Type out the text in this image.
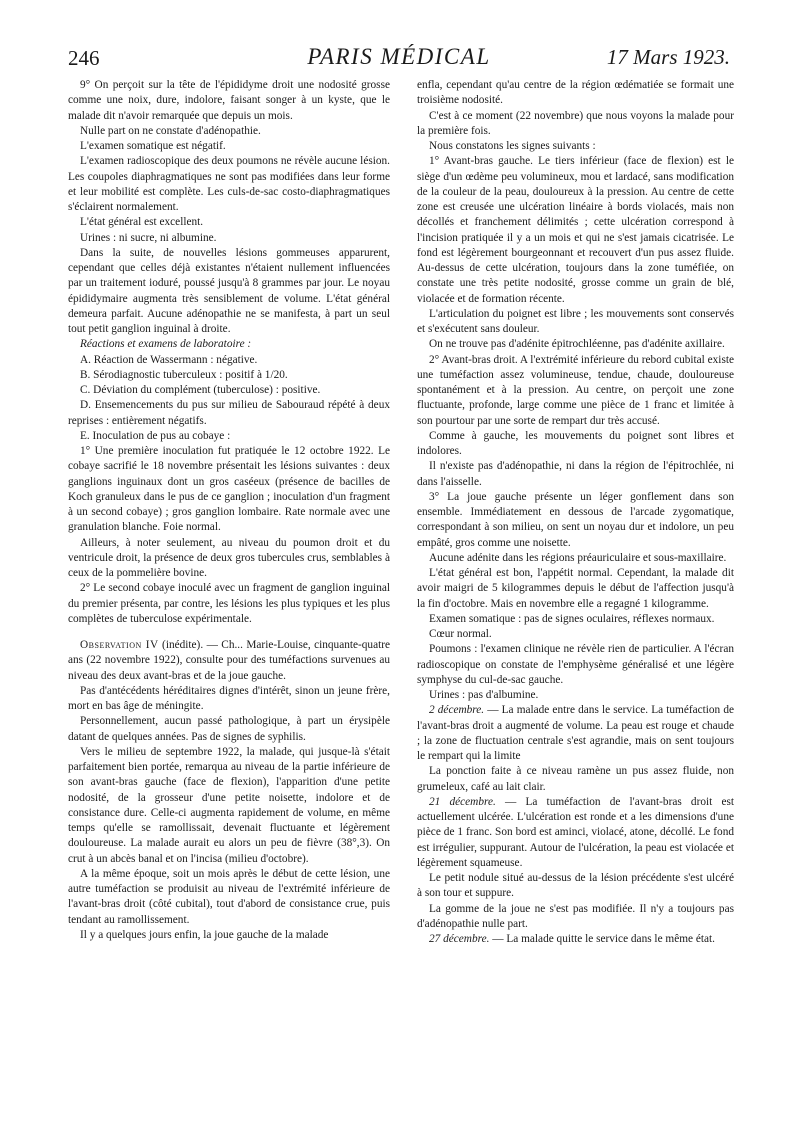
246	PARIS MÉDICAL	17 Mars 1923.

9° On perçoit sur la tête de l'épididyme droit une nodosité grosse comme une noix, dure, indolore, faisant songer à un kyste, que le malade dit n'avoir remarquée que depuis un mois.

Nulle part on ne constate d'adénopathie.

L'examen somatique est négatif.

L'examen radioscopique des deux poumons ne révèle aucune lésion. Les coupoles diaphragmatiques ne sont pas modifiées dans leur forme et leur mobilité est complète. Les culs-de-sac costo-diaphragmatiques s'éclairent normalement.

L'état général est excellent.

Urines : ni sucre, ni albumine.

Dans la suite, de nouvelles lésions gommeuses apparurent, cependant que celles déjà existantes n'étaient nullement influencées par un traitement ioduré, poussé jusqu'à 8 grammes par jour. Le noyau épididymaire augmenta très sensiblement de volume. L'état général demeura parfait. Aucune adénopathie ne se manifesta, à part un seul tout petit ganglion inguinal à droite.

Réactions et examens de laboratoire :

A. Réaction de Wassermann : négative.

B. Sérodiagnostic tuberculeux : positif à 1/20.

C. Déviation du complément (tuberculose) : positive.

D. Ensemencements du pus sur milieu de Sabouraud répété à deux reprises : entièrement négatifs.

E. Inoculation de pus au cobaye :

1° Une première inoculation fut pratiquée le 12 octobre 1922. Le cobaye sacrifié le 18 novembre présentait les lésions suivantes : deux ganglions inguinaux dont un gros caséeux (présence de bacilles de Koch granuleux dans le pus de ce ganglion ; inoculation d'un fragment à un second cobaye) ; gros ganglion lombaire. Rate normale avec une granulation blanche. Foie normal.

Ailleurs, à noter seulement, au niveau du poumon droit et du ventricule droit, la présence de deux gros tubercules crus, semblables à ceux de la pommelière bovine.

2° Le second cobaye inoculé avec un fragment de ganglion inguinal du premier présenta, par contre, les lésions les plus typiques et les plus complètes de tuberculose expérimentale.

Observation IV (inédite). — Ch... Marie-Louise, cinquante-quatre ans (22 novembre 1922), consulte pour des tuméfactions survenues au niveau des deux avant-bras et de la joue gauche.

Pas d'antécédents héréditaires dignes d'intérêt, sinon un jeune frère, mort en bas âge de méningite.

Personnellement, aucun passé pathologique, à part un érysipèle datant de quelques années. Pas de signes de syphilis.

Vers le milieu de septembre 1922, la malade, qui jusque-là s'était parfaitement bien portée, remarqua au niveau de la partie inférieure de son avant-bras gauche (face de flexion), l'apparition d'une petite nodosité, de la grosseur d'une petite noisette, indolore et de consistance dure. Celle-ci augmenta rapidement de volume, en même temps qu'elle se ramollissait, devenait fluctuante et légèrement douloureuse. La malade aurait eu alors un peu de fièvre (38°,3). On crut à un abcès banal et on l'incisa (milieu d'octobre).

A la même époque, soit un mois après le début de cette lésion, une autre tuméfaction se produisit au niveau de l'extrémité inférieure de l'avant-bras droit (côté cubital), tout d'abord de consistance crue, puis tendant au ramollissement.

Il y a quelques jours enfin, la joue gauche de la malade

enfla, cependant qu'au centre de la région œdématiée se formait une troisième nodosité.

C'est à ce moment (22 novembre) que nous voyons la malade pour la première fois.

Nous constatons les signes suivants :

1° Avant-bras gauche. Le tiers inférieur (face de flexion) est le siège d'un œdème peu volumineux, mou et lardacé, sans modification de la couleur de la peau, douloureux à la pression. Au centre de cette zone est creusée une ulcération linéaire à bords violacés, mais non décollés et franchement délimités ; cette ulcération correspond à l'incision pratiquée il y a un mois et qui ne s'est jamais cicatrisée. Le fond est légèrement bourgeonnant et recouvert d'un pus assez fluide. Au-dessus de cette ulcération, toujours dans la zone tuméfiée, on constate une très petite nodosité, grosse comme un grain de blé, violacée et de formation récente.

L'articulation du poignet est libre ; les mouvements sont conservés et s'exécutent sans douleur.

On ne trouve pas d'adénite épitrochléenne, pas d'adénite axillaire.

2° Avant-bras droit. A l'extrémité inférieure du rebord cubital existe une tuméfaction assez volumineuse, tendue, chaude, douloureuse spontanément et à la pression. Au centre, on perçoit une zone fluctuante, profonde, large comme une pièce de 1 franc et limitée à son pourtour par une sorte de rempart dur très accusé.

Comme à gauche, les mouvements du poignet sont libres et indolores.

Il n'existe pas d'adénopathie, ni dans la région de l'épitrochlée, ni dans l'aisselle.

3° La joue gauche présente un léger gonflement dans son ensemble. Immédiatement en dessous de l'arcade zygomatique, correspondant à son milieu, on sent un noyau dur et indolore, un peu empâté, gros comme une noisette.

Aucune adénite dans les régions préauriculaire et sous-maxillaire.

L'état général est bon, l'appétit normal. Cependant, la malade dit avoir maigri de 5 kilogrammes depuis le début de l'affection jusqu'à la fin d'octobre. Mais en novembre elle a regagné 1 kilogramme.

Examen somatique : pas de signes oculaires, réflexes normaux.

Cœur normal.

Poumons : l'examen clinique ne révèle rien de particulier. A l'écran radioscopique on constate de l'emphysème généralisé et une légère symphyse du cul-de-sac gauche.

Urines : pas d'albumine.

2 décembre. — La malade entre dans le service. La tuméfaction de l'avant-bras droit a augmenté de volume. La peau est rouge et chaude ; la zone de fluctuation centrale s'est agrandie, mais on sent toujours le rempart qui la limite

La ponction faite à ce niveau ramène un pus assez fluide, non grumeleux, café au lait clair.

21 décembre. — La tuméfaction de l'avant-bras droit est actuellement ulcérée. L'ulcération est ronde et a les dimensions d'une pièce de 1 franc. Son bord est aminci, violacé, atone, décollé. Le fond est irrégulier, suppurant. Autour de l'ulcération, la peau est violacée et légèrement squameuse.

Le petit nodule situé au-dessus de la lésion précédente s'est ulcéré à son tour et suppure.

La gomme de la joue ne s'est pas modifiée. Il n'y a toujours pas d'adénopathie nulle part.

27 décembre. — La malade quitte le service dans le même état.
